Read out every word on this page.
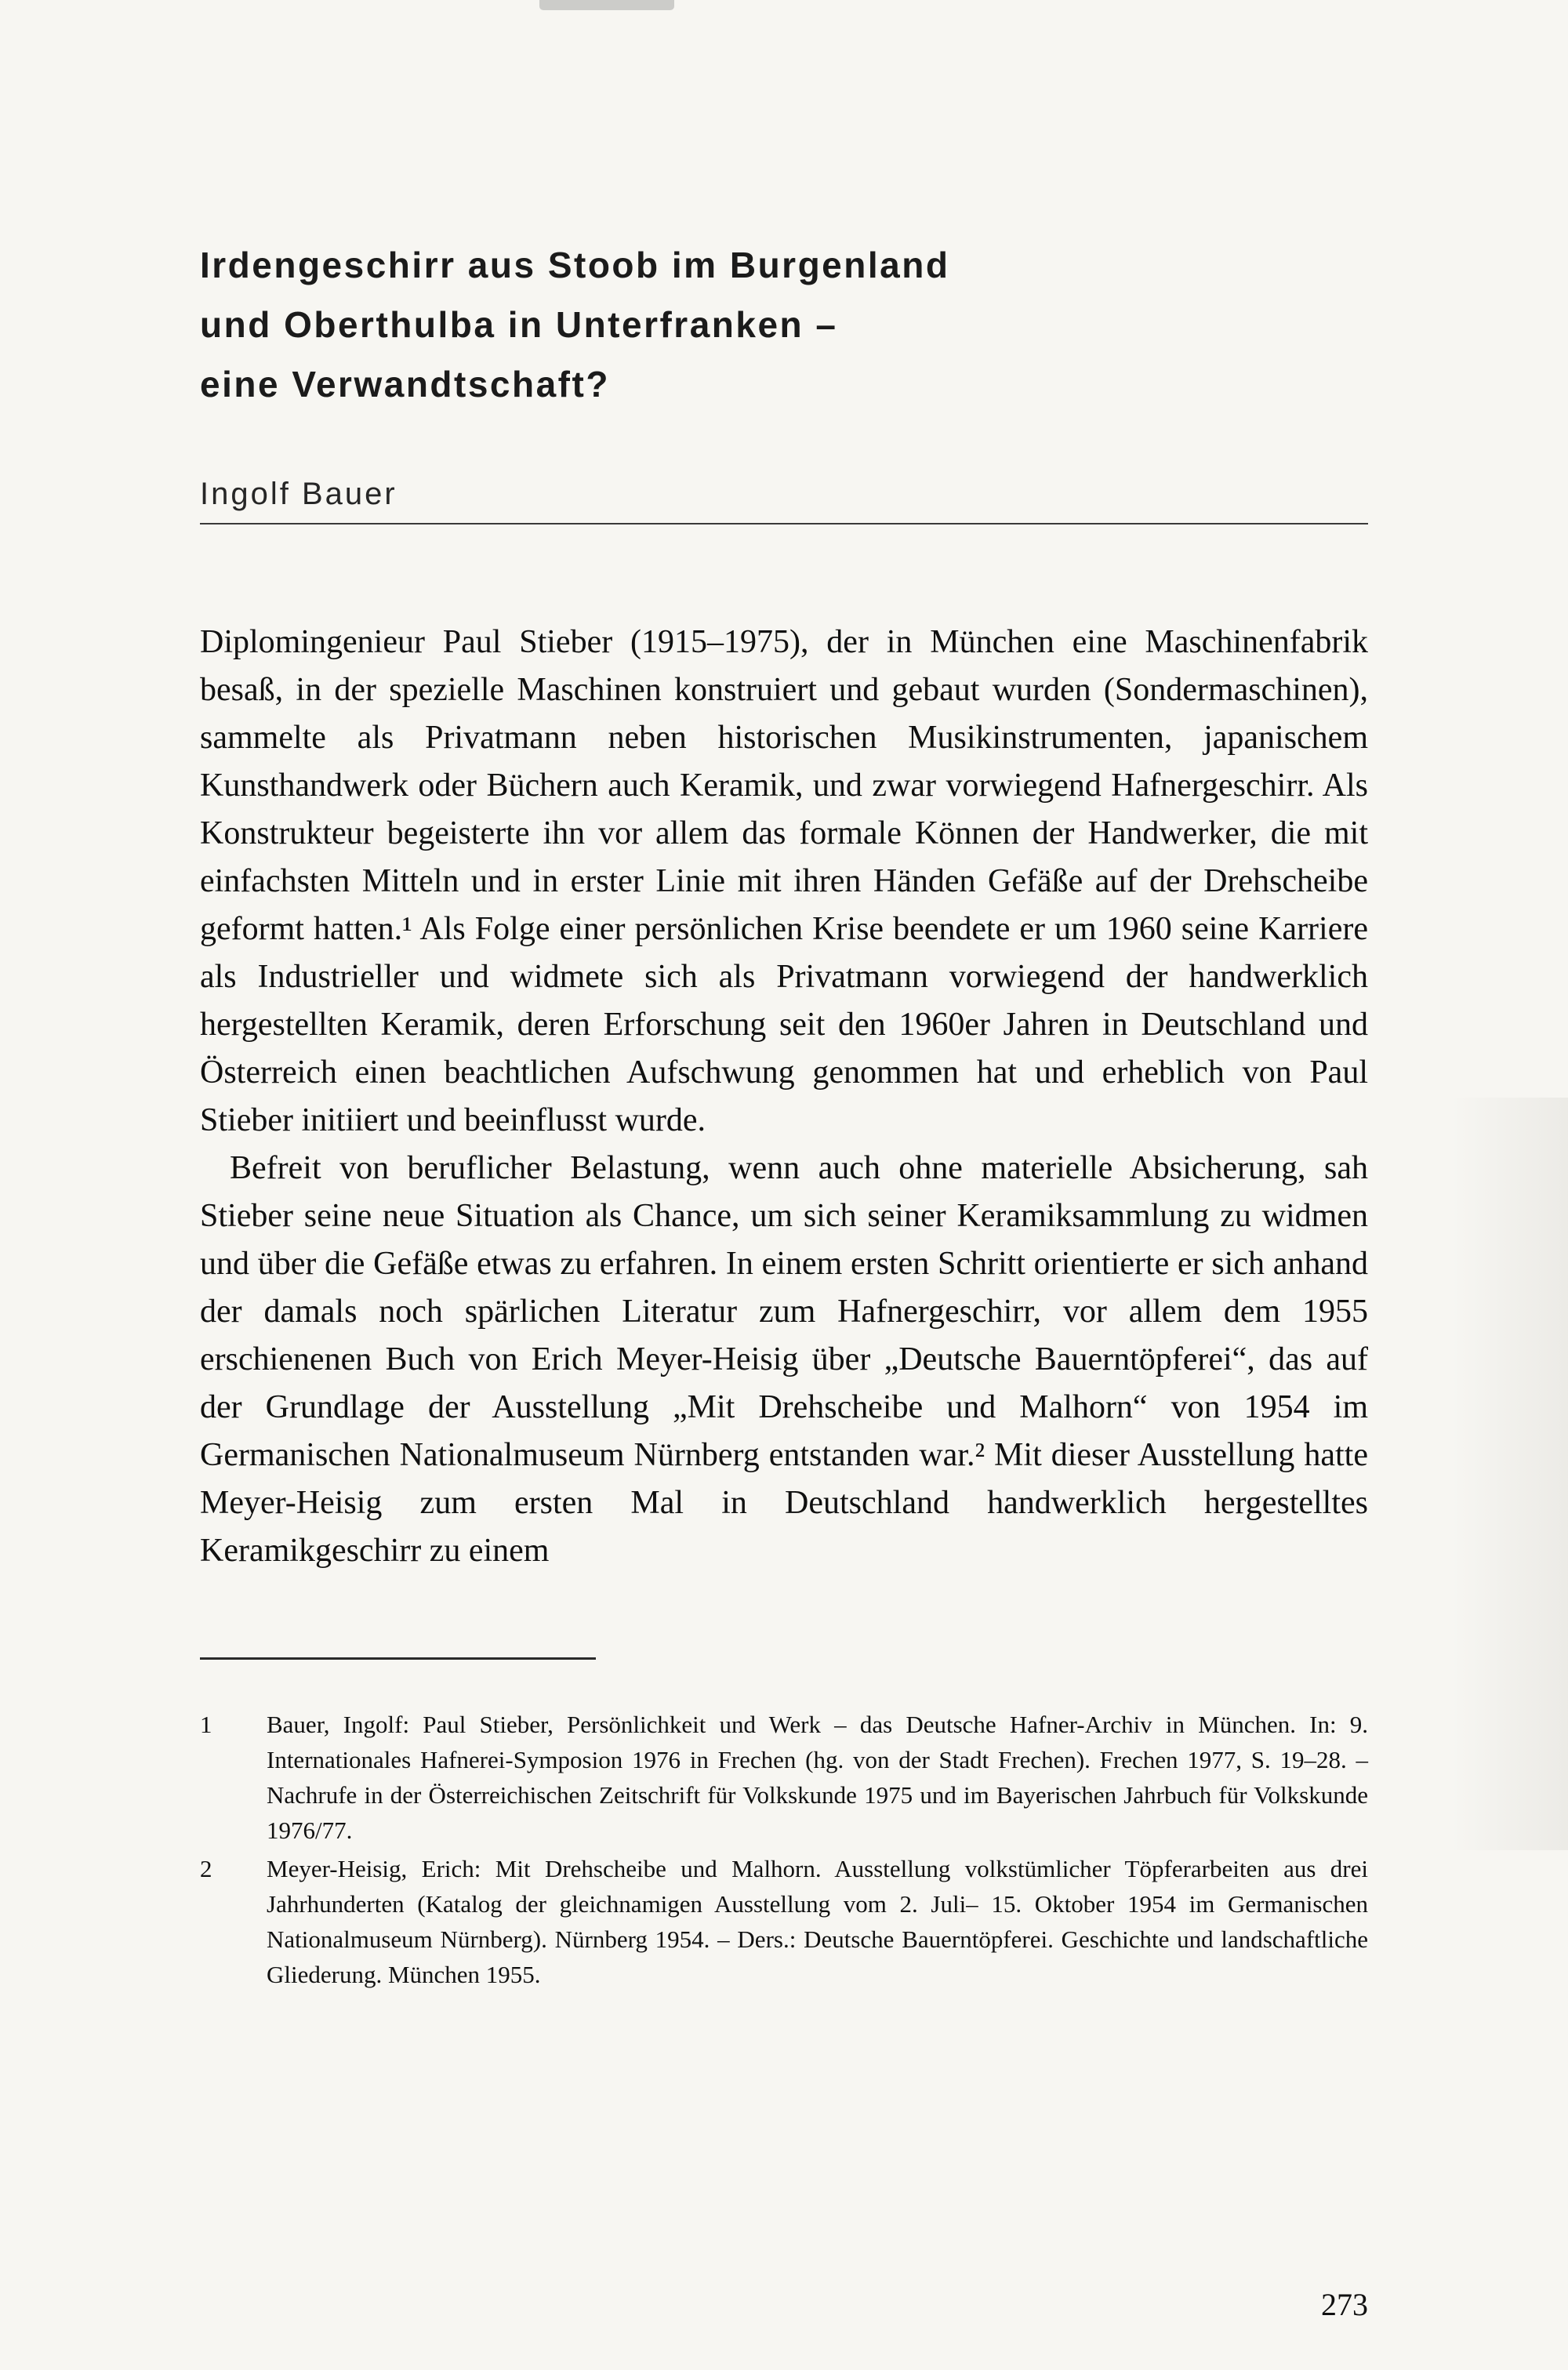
Irdengeschirr aus Stoob im Burgenland
und Oberthulba in Unterfranken –
eine Verwandtschaft?
Ingolf Bauer

Diplomingenieur Paul Stieber (1915–1975), der in München eine Maschinenfabrik besaß, in der spezielle Maschinen konstruiert und gebaut wurden (Sondermaschinen), sammelte als Privatmann neben historischen Musikinstrumenten, japanischem Kunsthandwerk oder Büchern auch Keramik, und zwar vorwiegend Hafnergeschirr. Als Konstrukteur begeisterte ihn vor allem das formale Können der Handwerker, die mit einfachsten Mitteln und in erster Linie mit ihren Händen Gefäße auf der Drehscheibe geformt hatten.¹ Als Folge einer persönlichen Krise beendete er um 1960 seine Karriere als Industrieller und widmete sich als Privatmann vorwiegend der handwerklich hergestellten Keramik, deren Erforschung seit den 1960er Jahren in Deutschland und Österreich einen beachtlichen Aufschwung genommen hat und erheblich von Paul Stieber initiiert und beeinflusst wurde.

Befreit von beruflicher Belastung, wenn auch ohne materielle Absicherung, sah Stieber seine neue Situation als Chance, um sich seiner Keramiksammlung zu widmen und über die Gefäße etwas zu erfahren. In einem ersten Schritt orientierte er sich anhand der damals noch spärlichen Literatur zum Hafnergeschirr, vor allem dem 1955 erschienenen Buch von Erich Meyer-Heisig über „Deutsche Bauerntöpferei“, das auf der Grundlage der Ausstellung „Mit Drehscheibe und Malhorn“ von 1954 im Germanischen Nationalmuseum Nürnberg entstanden war.² Mit dieser Ausstellung hatte Meyer-Heisig zum ersten Mal in Deutschland handwerklich hergestelltes Keramikgeschirr zu einem

1	Bauer, Ingolf: Paul Stieber, Persönlichkeit und Werk – das Deutsche Hafner-Archiv in München. In: 9. Internationales Hafnerei-Symposion 1976 in Frechen (hg. von der Stadt Frechen). Frechen 1977, S. 19–28. – Nachrufe in der Österreichischen Zeitschrift für Volkskunde 1975 und im Bayerischen Jahrbuch für Volkskunde 1976/77.
2	Meyer-Heisig, Erich: Mit Drehscheibe und Malhorn. Ausstellung volkstümlicher Töpferarbeiten aus drei Jahrhunderten (Katalog der gleichnamigen Ausstellung vom 2. Juli– 15. Oktober 1954 im Germanischen Nationalmuseum Nürnberg). Nürnberg 1954. – Ders.: Deutsche Bauerntöpferei. Geschichte und landschaftliche Gliederung. München 1955.
273
